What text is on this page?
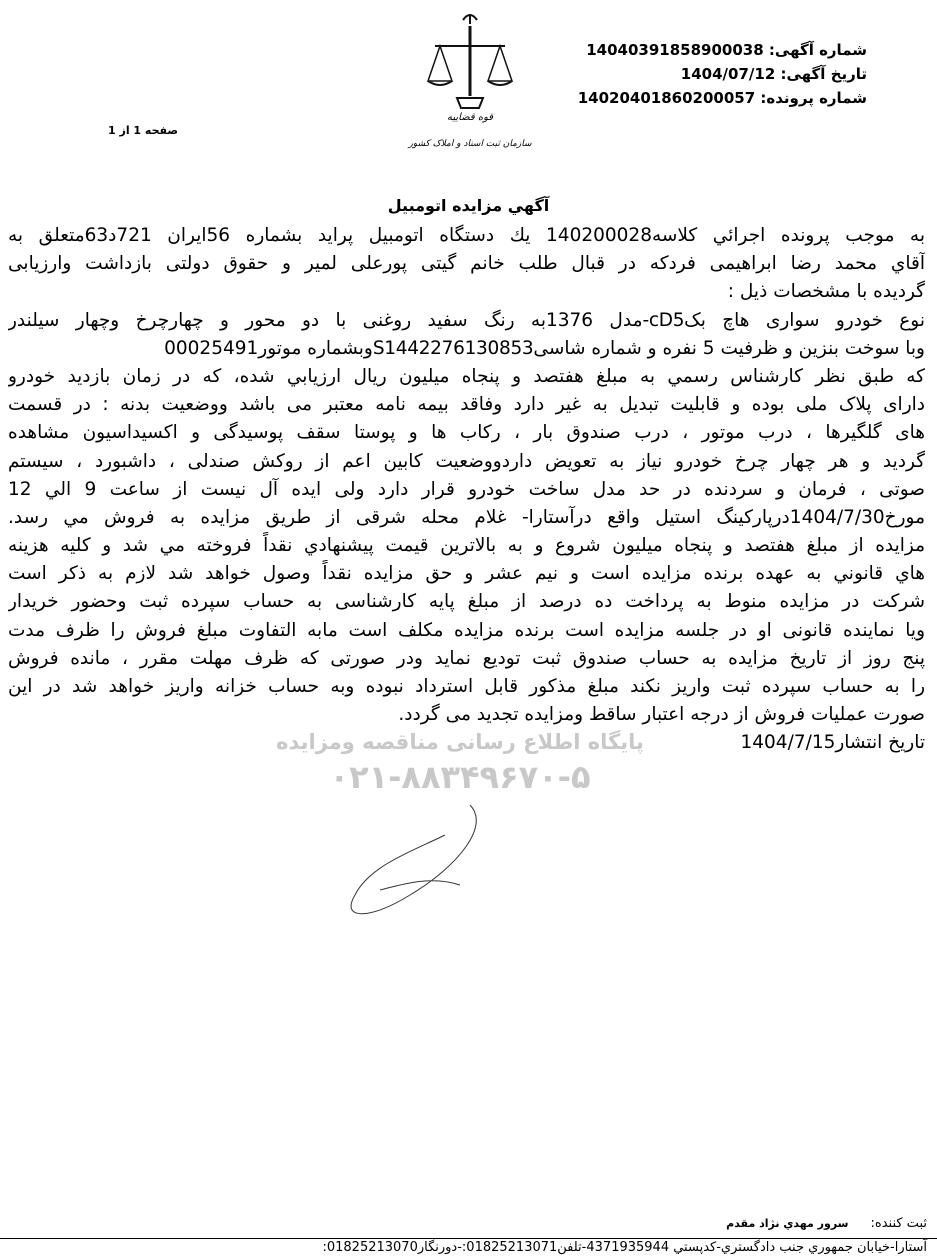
شماره آگهی: 14040391858900038
تاریخ آگهی: 1404/07/12
شماره پرونده: 14020401860200057
صفحه 1 از 1
قوه قضاییه
سازمان ثبت اسناد و املاک کشور
آگهي مزايده اتومبيل
پایگاه اطلاع رسانی مناقصه ومزایده
۰۲۱-۸۸۳۴۹۶۷۰-۵
به موجب پرونده اجرائي كلاسه140200028 يك دستگاه اتومبيل پرايد بشماره 56ايران 721د63متعلق به
آقاي محمد رضا ابراهيمی فردکه در قبال طلب خانم گيتی پورعلی لمير و حقوق دولتی بازداشت وارزيابی
گرديده با مشخصات ذيل :
نوع خودرو سواری هاچ بکcD5-مدل 1376به رنگ سفيد روغنی با دو محور و چهارچرخ وچهار سيلندر
وبا سوخت بنزين و ظرفيت 5 نفره و شماره شاسیS1442276130853وبشماره موتور00025491
كه طبق نظر كارشناس رسمي به مبلغ هفتصد و پنجاه ميليون ريال ارزيابي شده، كه در زمان بازديد خودرو
دارای پلاک ملی بوده و قابليت تبديل به غير دارد وفاقد بيمه نامه معتبر می باشد ووضعيت بدنه : در قسمت
های گلگيرها ، درب موتور ، درب صندوق بار ، رکاب ها و پوستا سقف پوسيدگی و اکسيداسيون مشاهده
گرديد و هر چهار چرخ خودرو نياز به تعويض داردووضعيت کابين اعم از روکش صندلی ، داشبورد ، سيستم
صوتی ، فرمان و سردنده در حد مدل ساخت خودرو قرار دارد ولی ايده آل نيست از ساعت 9 الي 12
مورخ1404/7/30درپارکينگ استيل واقع درآستارا- غلام محله شرقی از طريق مزايده به فروش مي رسد.
مزايده از مبلغ هفتصد و پنجاه ميليون شروع و به بالاترين قيمت پيشنهادي نقداً فروخته مي شد و كليه هزينه
هاي قانوني به عهده برنده مزايده است و نيم عشر و حق مزايده نقداً وصول خواهد شد لازم به ذكر است
شركت در مزايده منوط به پرداخت ده درصد از مبلغ پايه كارشناسی به حساب سپرده ثبت وحضور خريدار
ويا نماينده قانونی او در جلسه مزايده است برنده مزايده مكلف است مابه التفاوت مبلغ فروش را ظرف مدت
پنج روز از تاريخ مزايده به حساب صندوق ثبت توديع نمايد ودر صورتی كه ظرف مهلت مقرر ، مانده فروش
را به حساب سپرده ثبت واريز نكند مبلغ مذكور قابل استرداد نبوده وبه حساب خزانه واريز خواهد شد در اين
صورت عمليات فروش از درجه اعتبار ساقط ومزايده تجديد می گردد.
تاريخ انتشار1404/7/15
ثبت كننده:سرور مهدي نژاد مقدم
آستارا-خيابان جمهوري جنب دادگستري-كدپستي 4371935944-تلفن01825213071:-دورنگار01825213070:
